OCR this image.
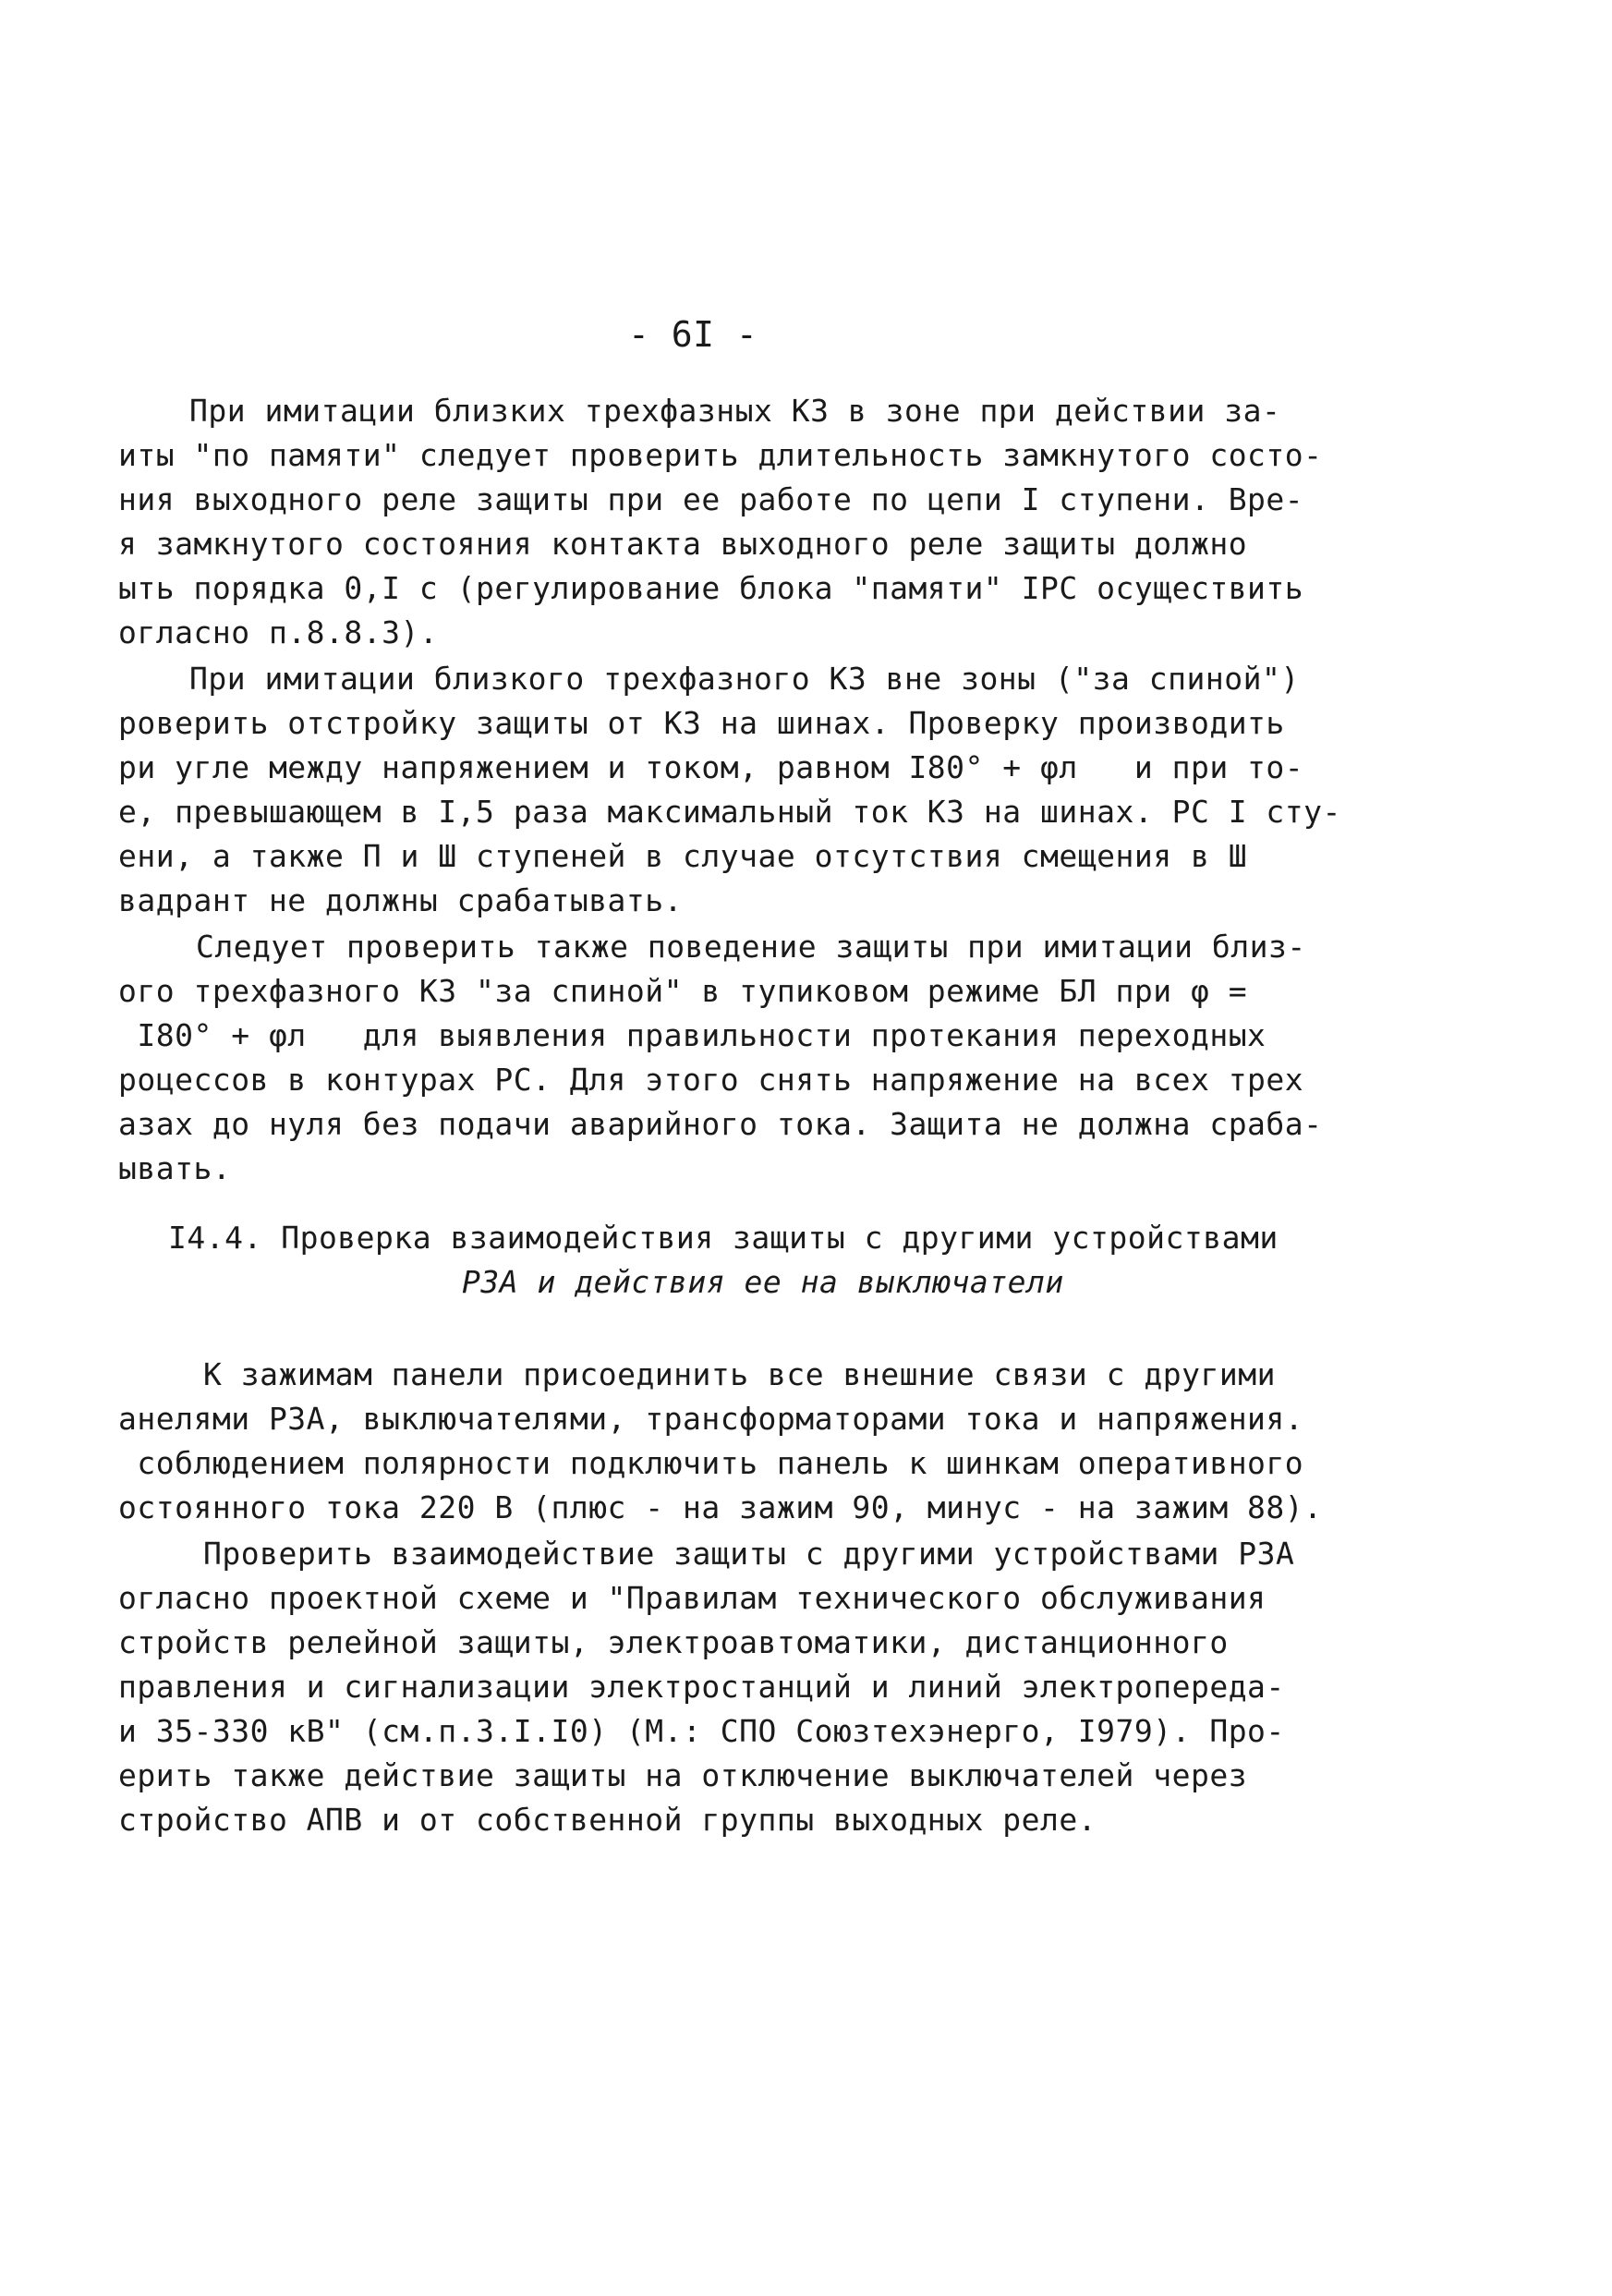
- 6I -
При имитации близких трехфазных КЗ в зоне при действии за-
иты "по памяти" следует проверить длительность замкнутого состо-
ния выходного реле защиты при ее работе по цепи I ступени. Вре-
я замкнутого состояния контакта выходного реле защиты должно
ыть порядка 0,I с (регулирование блока "памяти" IPC осуществить
огласно п.8.8.3).
При имитации близкого трехфазного КЗ вне зоны ("за спиной")
роверить отстройку защиты от КЗ на шинах. Проверку производить
ри угле между напряжением и током, равном I80° + φл   и при то-
е, превышающем в I,5 раза максимальный ток КЗ на шинах. РС I сту-
ени, а также П и Ш ступеней в случае отсутствия смещения в Ш
вадрант не должны срабатывать.
Следует проверить также поведение защиты при имитации близ-
ого трехфазного КЗ "за спиной" в тупиковом режиме БЛ при φ =
I80° + φл   для выявления правильности протекания переходных
роцессов в контурах РС. Для этого снять напряжение на всех трех
азах до нуля без подачи аварийного тока. Защита не должна сраба-
ывать.
I4.4. Проверка взаимодействия защиты с другими устройствами
РЗА и действия ее на выключатели
К зажимам панели присоединить все внешние связи с другими
анелями РЗА, выключателями, трансформаторами тока и напряжения.
соблюдением полярности подключить панель к шинкам оперативного
остоянного тока 220 В (плюс - на зажим 90, минус - на зажим 88).
Проверить взаимодействие защиты с другими устройствами РЗА
огласно проектной схеме и "Правилам технического обслуживания
стройств релейной защиты, электроавтоматики, дистанционного
правления и сигнализации электростанций и линий электропереда-
и 35-330 кВ" (см.п.3.I.I0) (М.: СПО Союзтехэнерго, I979). Про-
ерить также действие защиты на отключение выключателей через
стройство АПВ и от собственной группы выходных реле.
